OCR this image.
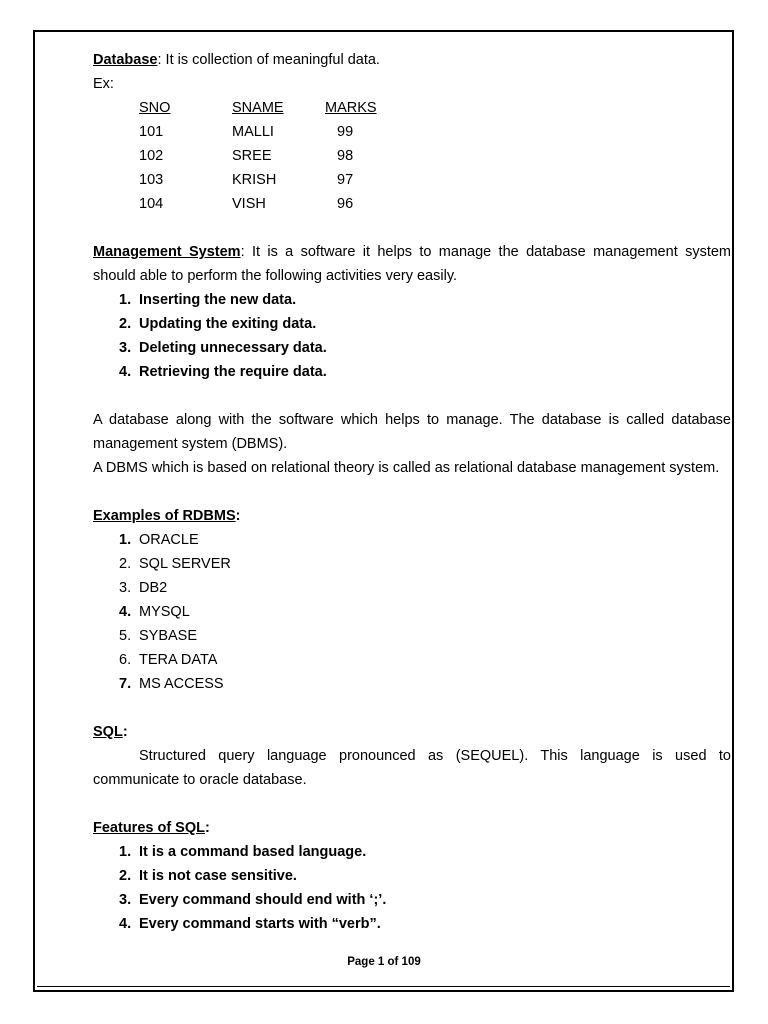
Database: It is collection of meaningful data.

Ex:

SNO	SNAME	MARKS
101	MALLI	99
102	SREE	98
103	KRISH	97
104	VISH	96

Management System: It is a software it helps to manage the database management system should able to perform the following activities very easily.

1. Inserting the new data.
2. Updating the exiting data.
3. Deleting unnecessary data.
4. Retrieving the require data.

A database along with the software which helps to manage. The database is called database management system (DBMS).

A DBMS which is based on relational theory is called as relational database management system.

Examples of RDBMS:

1. ORACLE
2. SQL SERVER
3. DB2
4. MYSQL
5. SYBASE
6. TERA DATA
7. MS ACCESS

SQL:

Structured query language pronounced as (SEQUEL). This language is used to communicate to oracle database.

Features of SQL:

1. It is a command based language.
2. It is not case sensitive.
3. Every command should end with ‘;’.
4. Every command starts with “verb”.
Page 1 of 109
